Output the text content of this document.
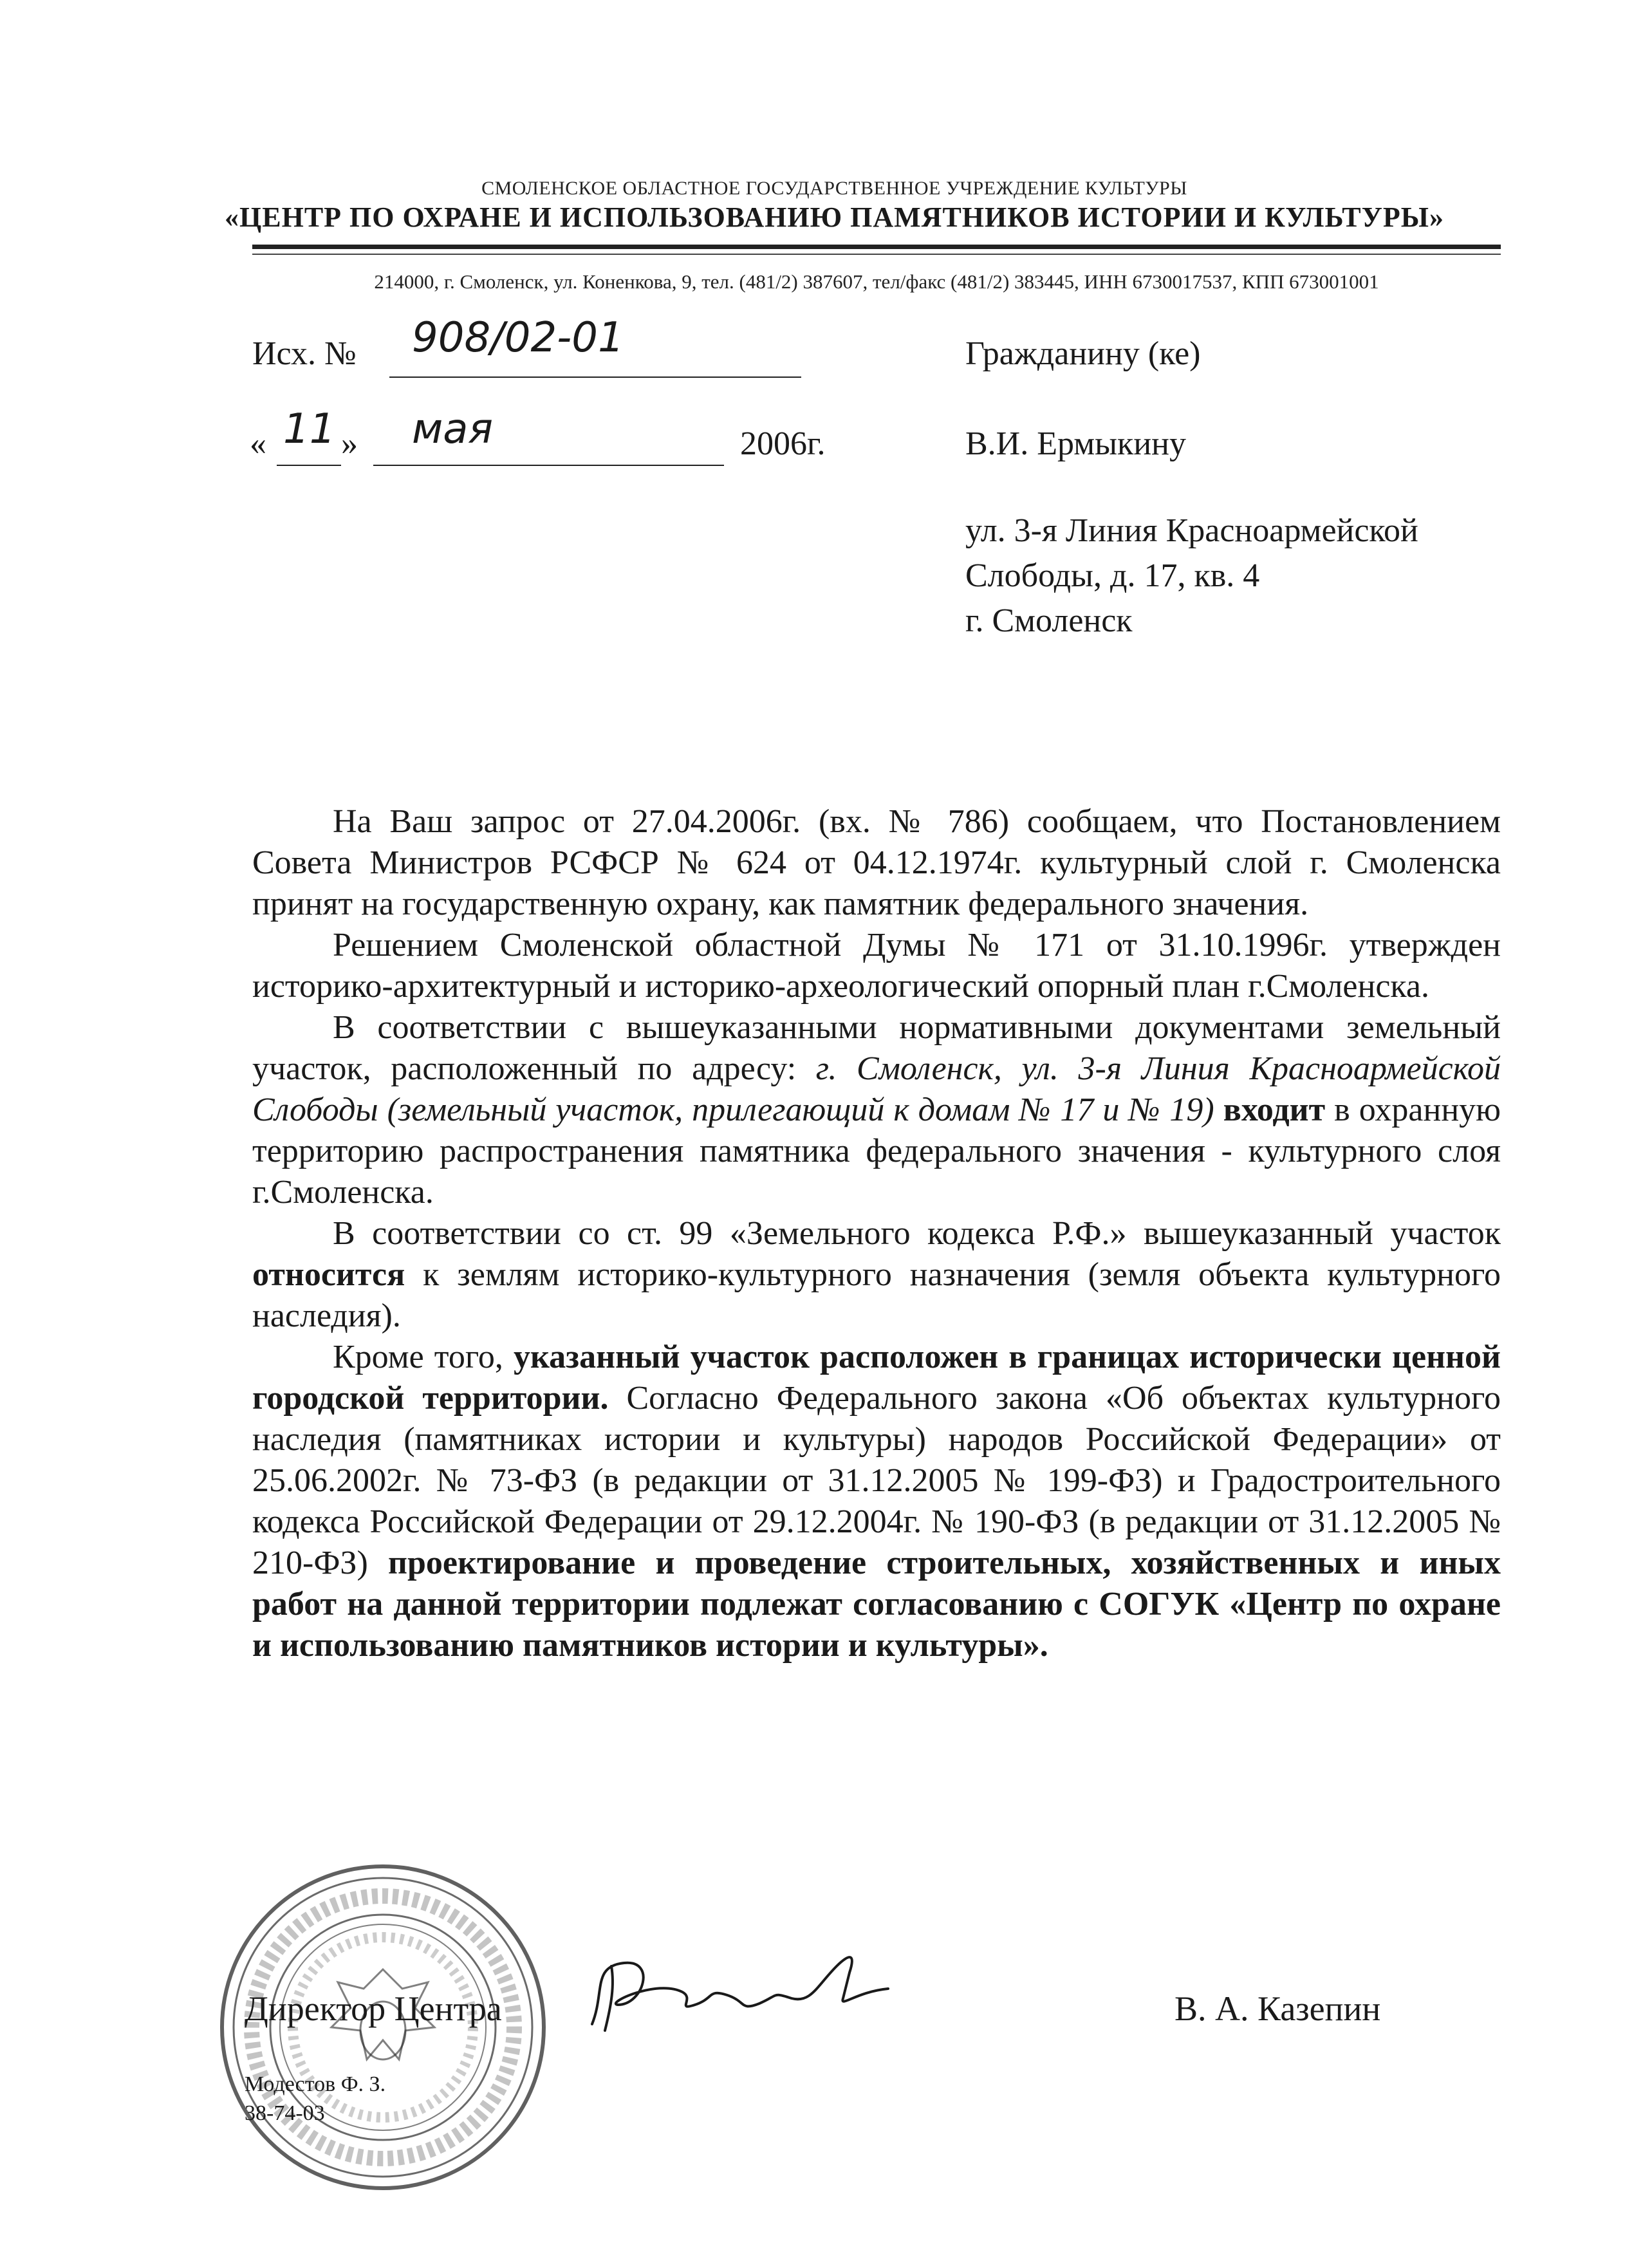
СМОЛЕНСКОЕ ОБЛАСТНОЕ ГОСУДАРСТВЕННОЕ УЧРЕЖДЕНИЕ КУЛЬТУРЫ
«ЦЕНТР ПО ОХРАНЕ И ИСПОЛЬЗОВАНИЮ ПАМЯТНИКОВ ИСТОРИИ И КУЛЬТУРЫ»
214000, г. Смоленск, ул. Коненкова, 9, тел. (481/2) 387607, тел/факс (481/2) 383445, ИНН 6730017537, КПП 673001001
Исх. № 908/02-01
« 11 » мая	2006г.
Гражданину (ке)
В.И. Ермыкину
ул. 3-я Линия Красноармейской
Слободы, д. 17, кв. 4
г. Смоленск

На Ваш запрос от 27.04.2006г. (вх. № 786) сообщаем, что Постановлением Совета Министров РСФСР № 624 от 04.12.1974г. культурный слой г. Смоленска принят на государственную охрану, как памятник федерального значения.

Решением Смоленской областной Думы № 171 от 31.10.1996г. утвержден историко-архитектурный и историко-археологический опорный план г.Смоленска.

В соответствии с вышеуказанными нормативными документами земельный участок, расположенный по адресу: г. Смоленск, ул. 3-я Линия Красноармейской Слободы (земельный участок, прилегающий к домам № 17 и № 19) входит в охранную территорию распространения памятника федерального значения - культурного слоя г.Смоленска.

В соответствии со ст. 99 «Земельного кодекса Р.Ф.» вышеуказанный участок относится к землям историко-культурного назначения (земля объекта культурного наследия).

Кроме того, указанный участок расположен в границах исторически ценной городской территории. Согласно Федерального закона «Об объектах культурного наследия (памятниках истории и культуры) народов Российской Федерации» от 25.06.2002г. № 73-ФЗ (в редакции от 31.12.2005 № 199-ФЗ) и Градостроительного кодекса Российской Федерации от 29.12.2004г. № 190-ФЗ (в редакции от 31.12.2005 № 210-ФЗ) проектирование и проведение строительных, хозяйственных и иных работ на данной территории подлежат согласованию с СОГУК «Центр по охране и использованию памятников истории и культуры».

Директор Центра	В. А. Казепин
Модестов Ф. З.
38-74-03
